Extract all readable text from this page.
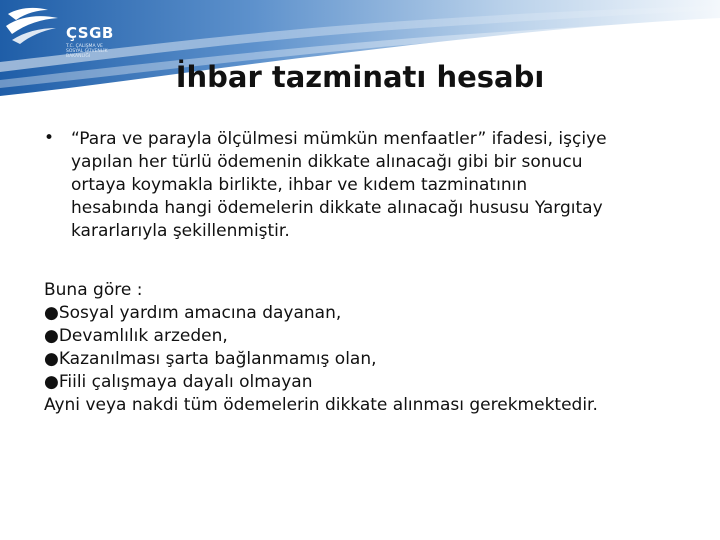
ÇSGB
T.C. ÇALIŞMA VE
SOSYAL GÜVENLİK
BAKANLIĞI
İhbar tazminatı hesabı
• “Para ve parayla ölçülmesi mümkün menfaatler” ifadesi, işçiye
yapılan her türlü ödemenin dikkate alınacağı gibi bir sonucu
ortaya koymakla birlikte, ihbar ve kıdem tazminatının
hesabında hangi ödemelerin dikkate alınacağı hususu Yargıtay
kararlarıyla şekillenmiştir.
Buna göre :
●Sosyal yardım amacına dayanan,
●Devamlılık arzeden,
●Kazanılması şarta bağlanmamış olan,
●Fiili çalışmaya dayalı olmayan
Ayni veya nakdi tüm ödemelerin dikkate alınması gerekmektedir.
